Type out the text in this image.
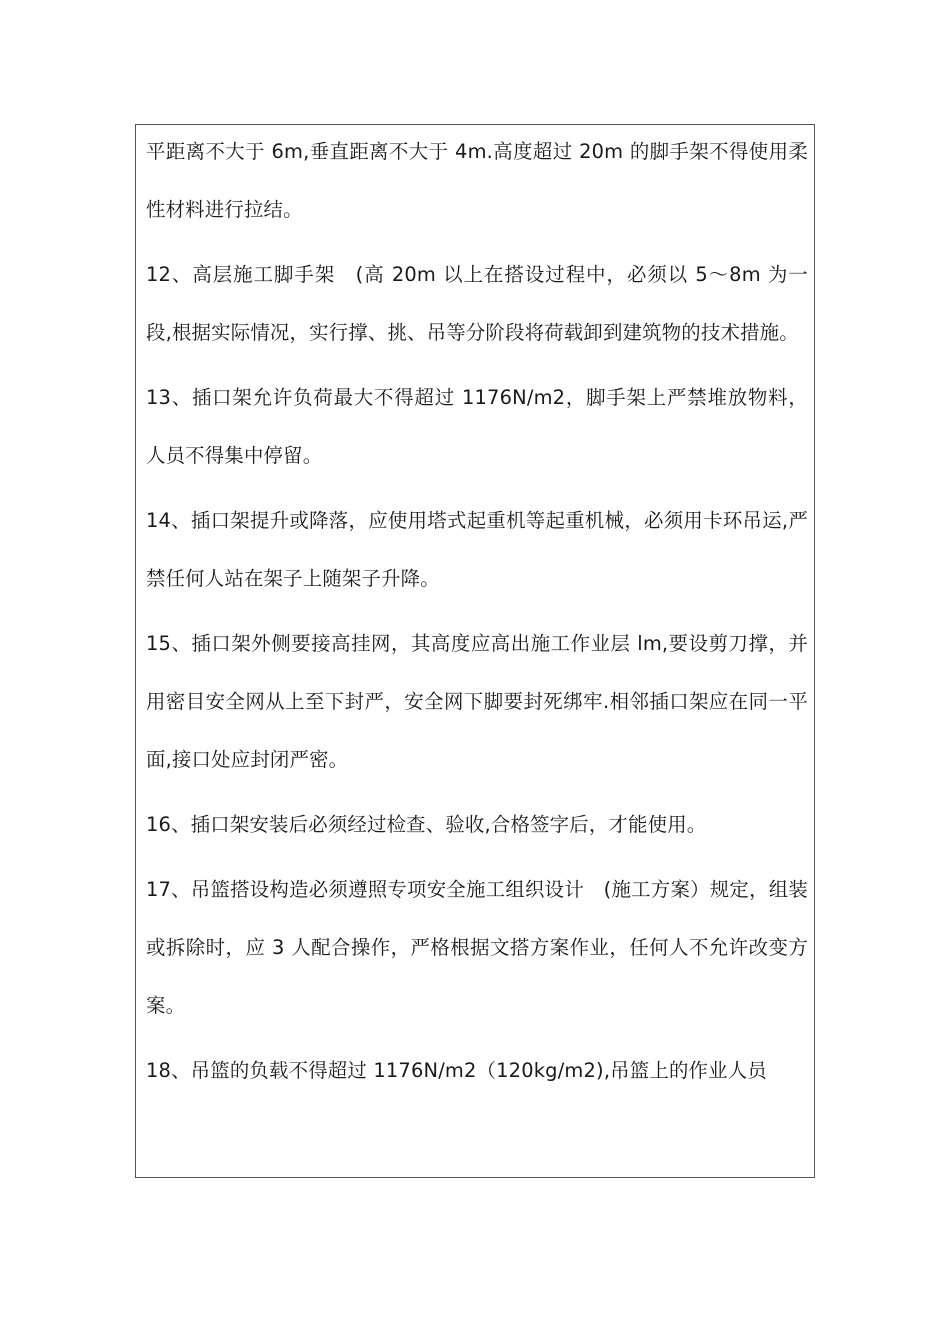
平距离不大于 6m,垂直距离不大于 4m.高度超过 20m 的脚手架不得使用柔性材料进行拉结。

12、高层施工脚手架　(高 20m 以上在搭设过程中，必须以 5～8m 为一段,根据实际情况，实行撑、挑、吊等分阶段将荷载卸到建筑物的技术措施。

13、插口架允许负荷最大不得超过 1176N/m2，脚手架上严禁堆放物料，人员不得集中停留。

14、插口架提升或降落，应使用塔式起重机等起重机械，必须用卡环吊运,严禁任何人站在架子上随架子升降。

15、插口架外侧要接高挂网，其高度应高出施工作业层 lm,要设剪刀撑，并用密目安全网从上至下封严，安全网下脚要封死绑牢.相邻插口架应在同一平面,接口处应封闭严密。

16、插口架安装后必须经过检查、验收,合格签字后，才能使用。

17、吊篮搭设构造必须遵照专项安全施工组织设计　(施工方案）规定，组装或拆除时，应 3 人配合操作，严格根据文搭方案作业，任何人不允许改变方案。

18、吊篮的负载不得超过 1176N/m2（120kg/m2),吊篮上的作业人员
